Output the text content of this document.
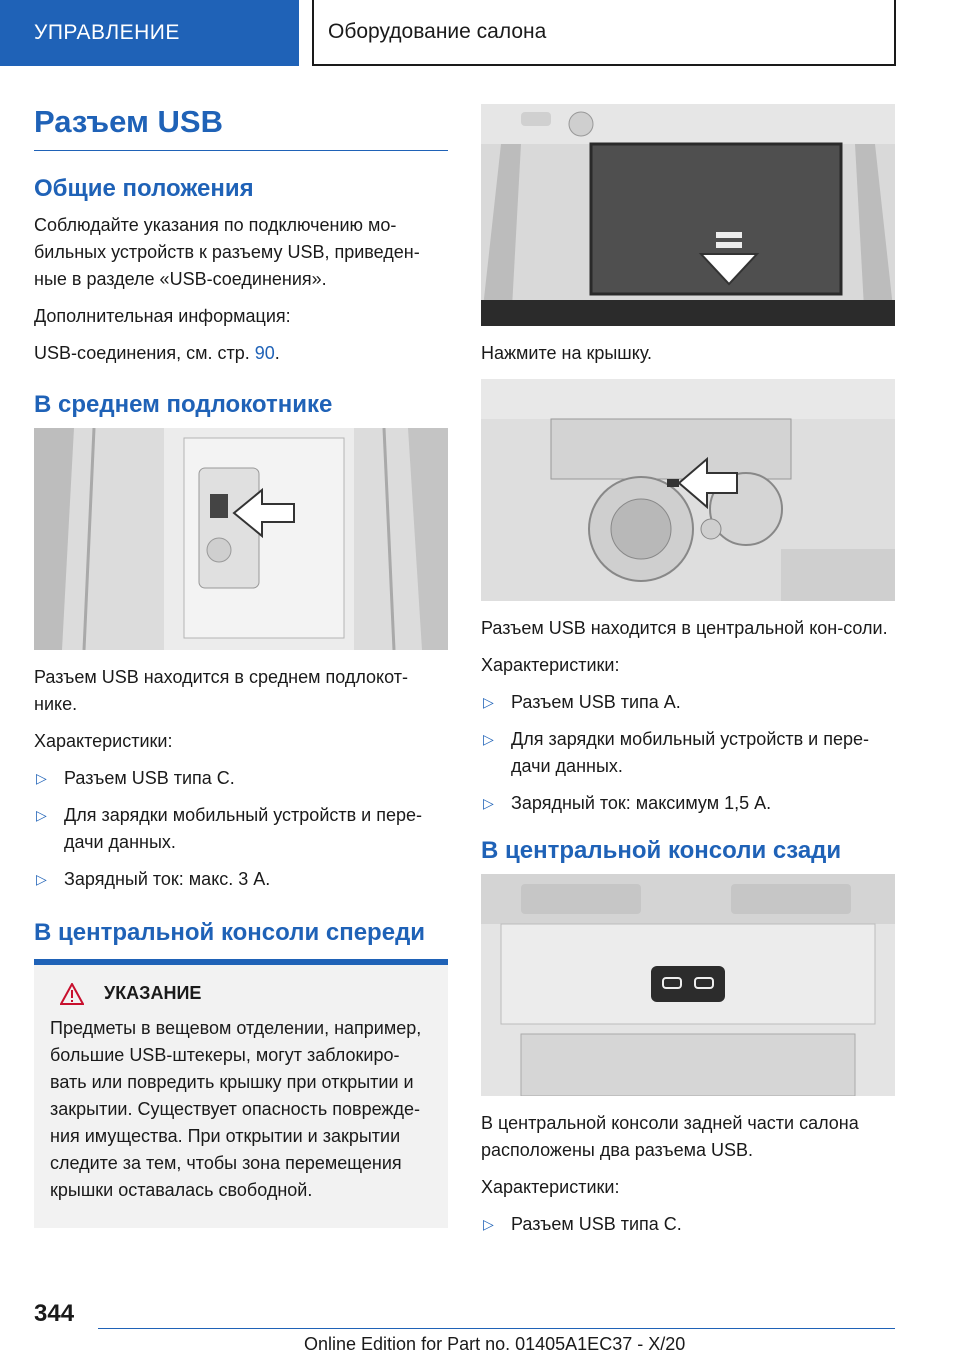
УПРАВЛЕНИЕ	Оборудование салона
Разъем USB
Общие положения

Соблюдайте указания по подключению мо-бильных устройств к разъему USB, приведен-ные в разделе «USB-соединения».

Дополнительная информация:

USB-соединения, см. стр. 90.

В среднем подлокотнике

Разъем USB находится в среднем подлокот-нике.

Характеристики:

▷ Разъем USB типа C.
▷ Для зарядки мобильный устройств и пере-дачи данных.
▷ Зарядный ток: макс. 3 А.
В центральной консоли спереди
УКАЗАНИЕ

Предметы в вещевом отделении, например, большие USB-штекеры, могут заблокиро-вать или повредить крышку при открытии и закрытии. Существует опасность поврежде-ния имущества. При открытии и закрытии следите за тем, чтобы зона перемещения крышки оставалась свободной.

Нажмите на крышку.

Разъем USB находится в центральной кон-соли.

Характеристики:

▷ Разъем USB типа A.
▷ Для зарядки мобильный устройств и пере-дачи данных.
▷ Зарядный ток: максимум 1,5 А.
В центральной консоли сзади

В центральной консоли задней части салона расположены два разъема USB.

Характеристики:

▷ Разъем USB типа C.
344
Online Edition for Part no. 01405A1EC37 - X/20
